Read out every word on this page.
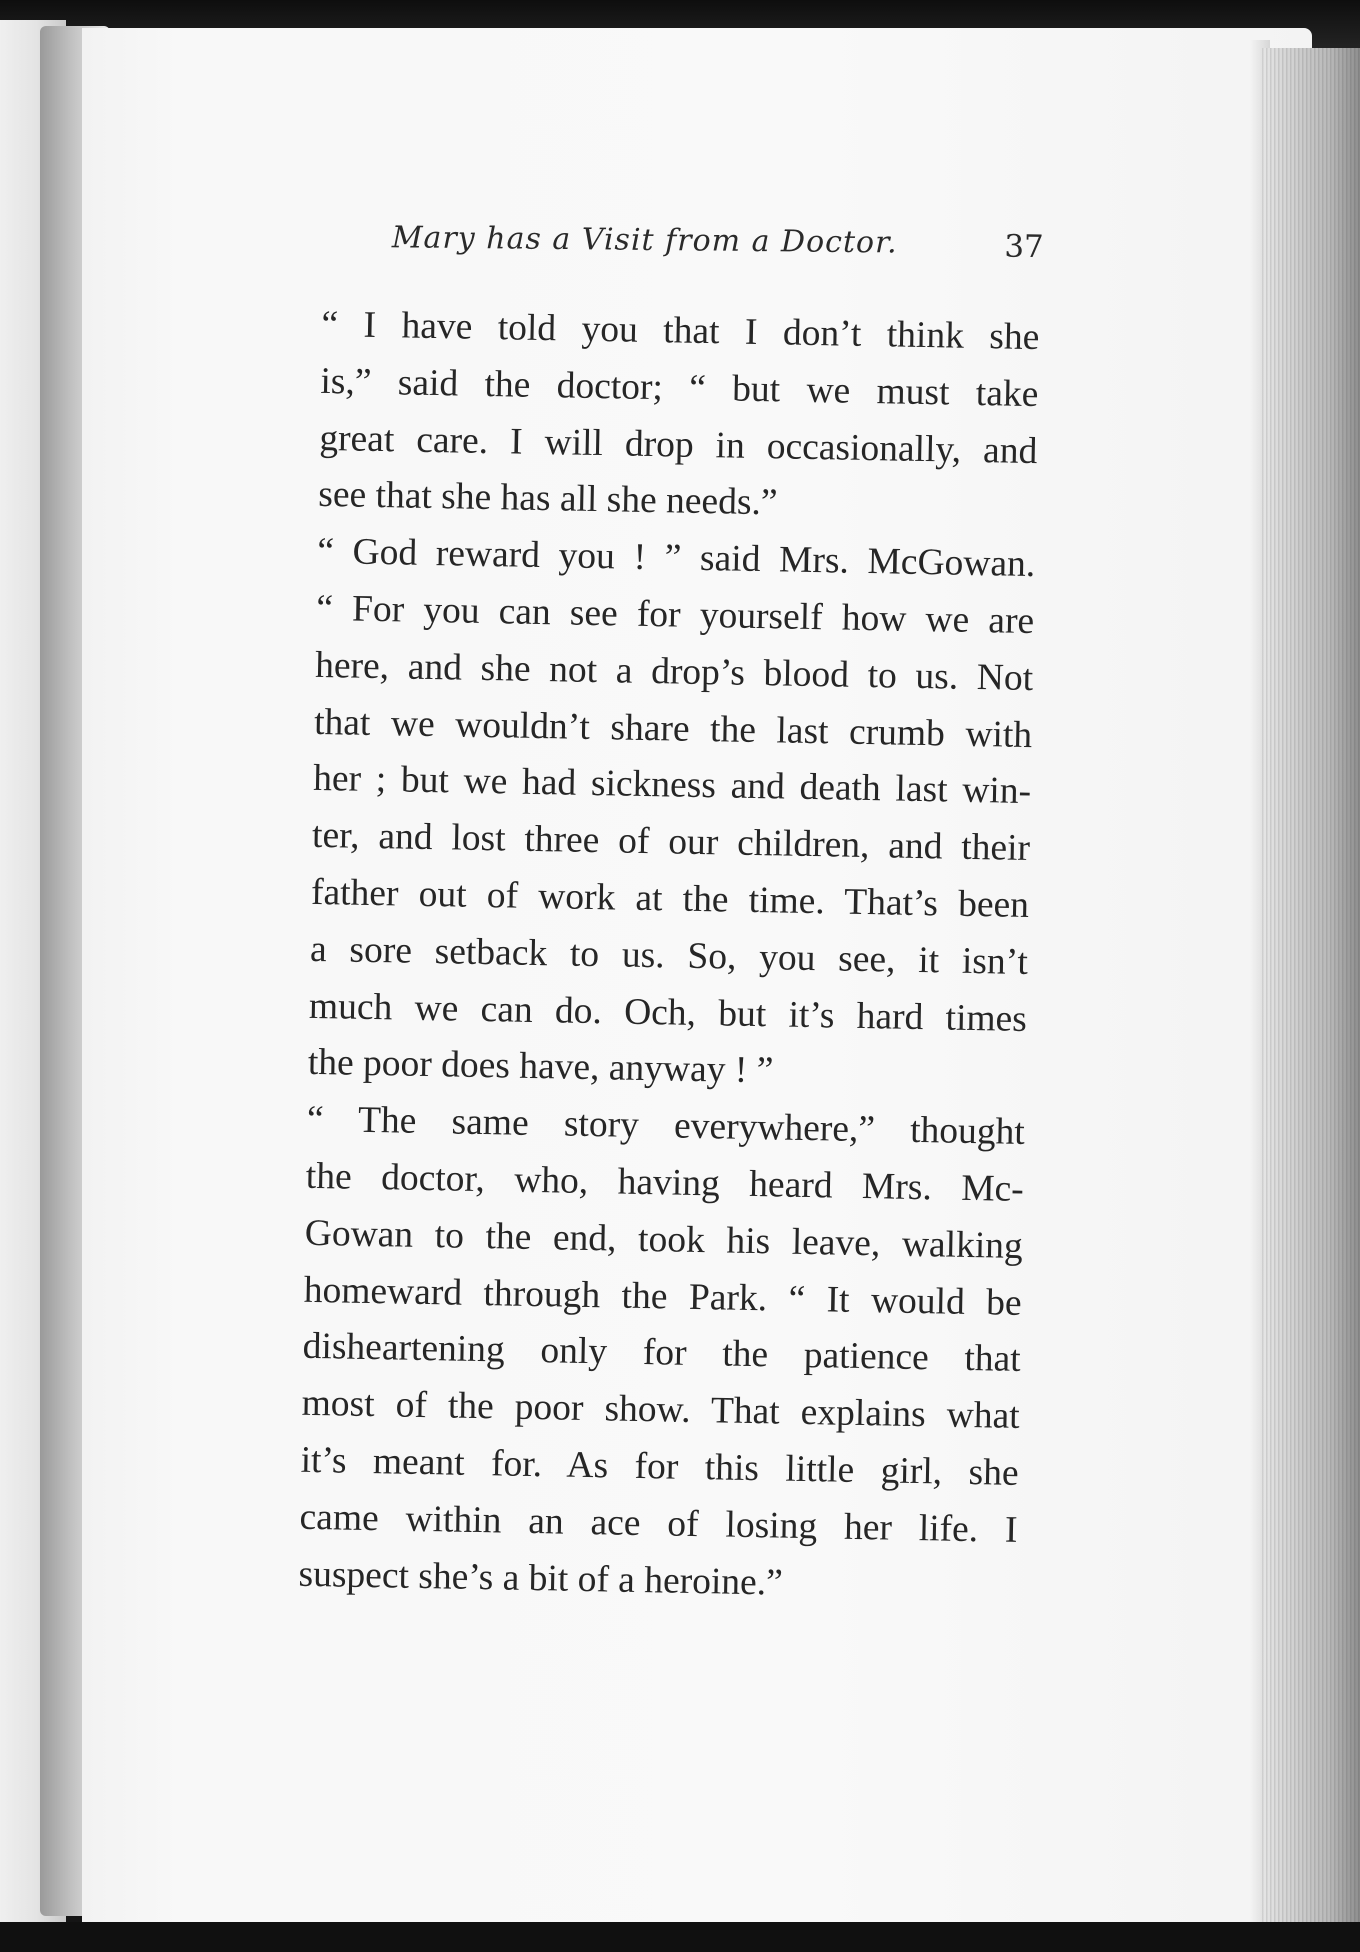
Mary has a Visit from a Doctor.	37

“ I have told you that I don’t think she
is,” said the doctor; “ but we must take
great care. I will drop in occasionally, and
see that she has all she needs.”

“ God reward you ! ” said Mrs. McGowan.
“ For you can see for yourself how we are
here, and she not a drop’s blood to us. Not
that we wouldn’t share the last crumb with
her ; but we had sickness and death last win-
ter, and lost three of our children, and their
father out of work at the time. That’s been
a sore setback to us. So, you see, it isn’t
much we can do. Och, but it’s hard times
the poor does have, anyway ! ”

“ The same story everywhere,” thought
the doctor, who, having heard Mrs. Mc-
Gowan to the end, took his leave, walking
homeward through the Park. “ It would be
disheartening only for the patience that
most of the poor show. That explains what
it’s meant for. As for this little girl, she
came within an ace of losing her life. I
suspect she’s a bit of a heroine.”
